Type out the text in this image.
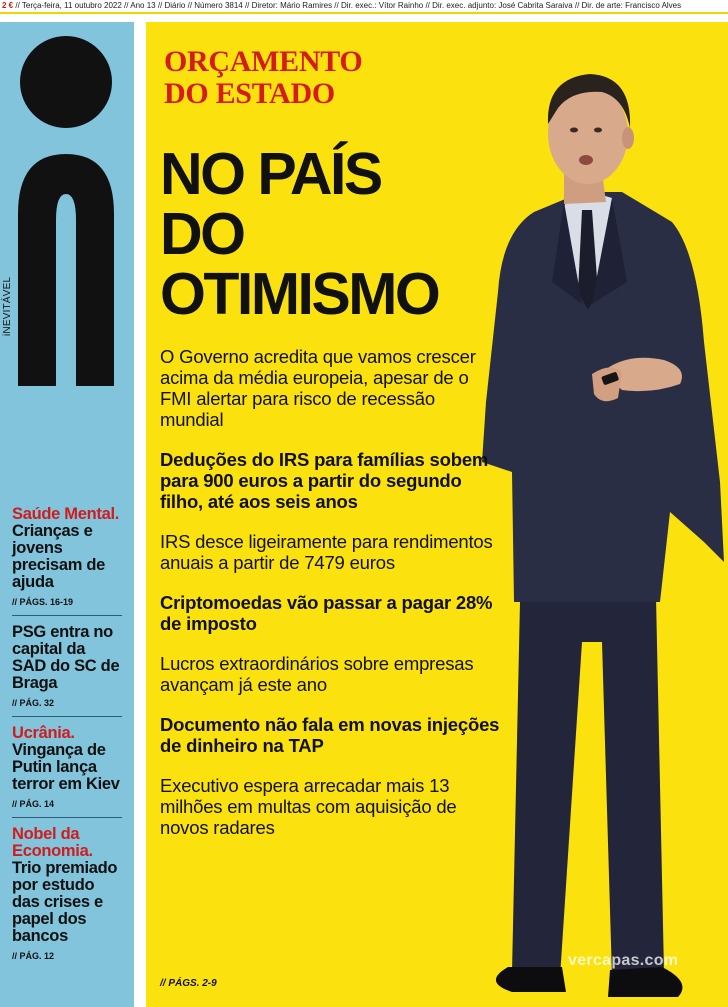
2 € // Terça-feira, 11 outubro 2022 // Ano 13 // Diário // Número 3814 // Diretor: Mário Ramires // Dir. exec.: Vítor Rainho // Dir. exec. adjunto: José Cabrita Saraiva // Dir. de arte: Francisco Alves
iNEVITÁVEL
Saúde Mental.
Crianças e jovens precisam de ajuda
// PÁGS. 16-19
PSG entra no capital da SAD do SC de Braga
// PÁG. 32
Ucrânia.
Vingança de Putin lança terror em Kiev
// PÁG. 14
Nobel da Economia.
Trio premiado por estudo das crises e papel dos bancos
// PÁG. 12
ORÇAMENTO
DO ESTADO
NO PAÍS
DO
OTIMISMO

O Governo acredita que vamos crescer acima da média europeia, apesar de o FMI alertar para risco de recessão mundial

Deduções do IRS para famílias sobem para 900 euros a partir do segundo filho, até aos seis anos

IRS desce ligeiramente para rendimentos anuais a partir de 7479 euros

Criptomoedas vão passar a pagar 28% de imposto

Lucros extraordinários sobre empresas avançam já este ano

Documento não fala em novas injeções de dinheiro na TAP

Executivo espera arrecadar mais 13 milhões em multas com aquisição de novos radares

// PÁGS. 2-9
vercapas.com
